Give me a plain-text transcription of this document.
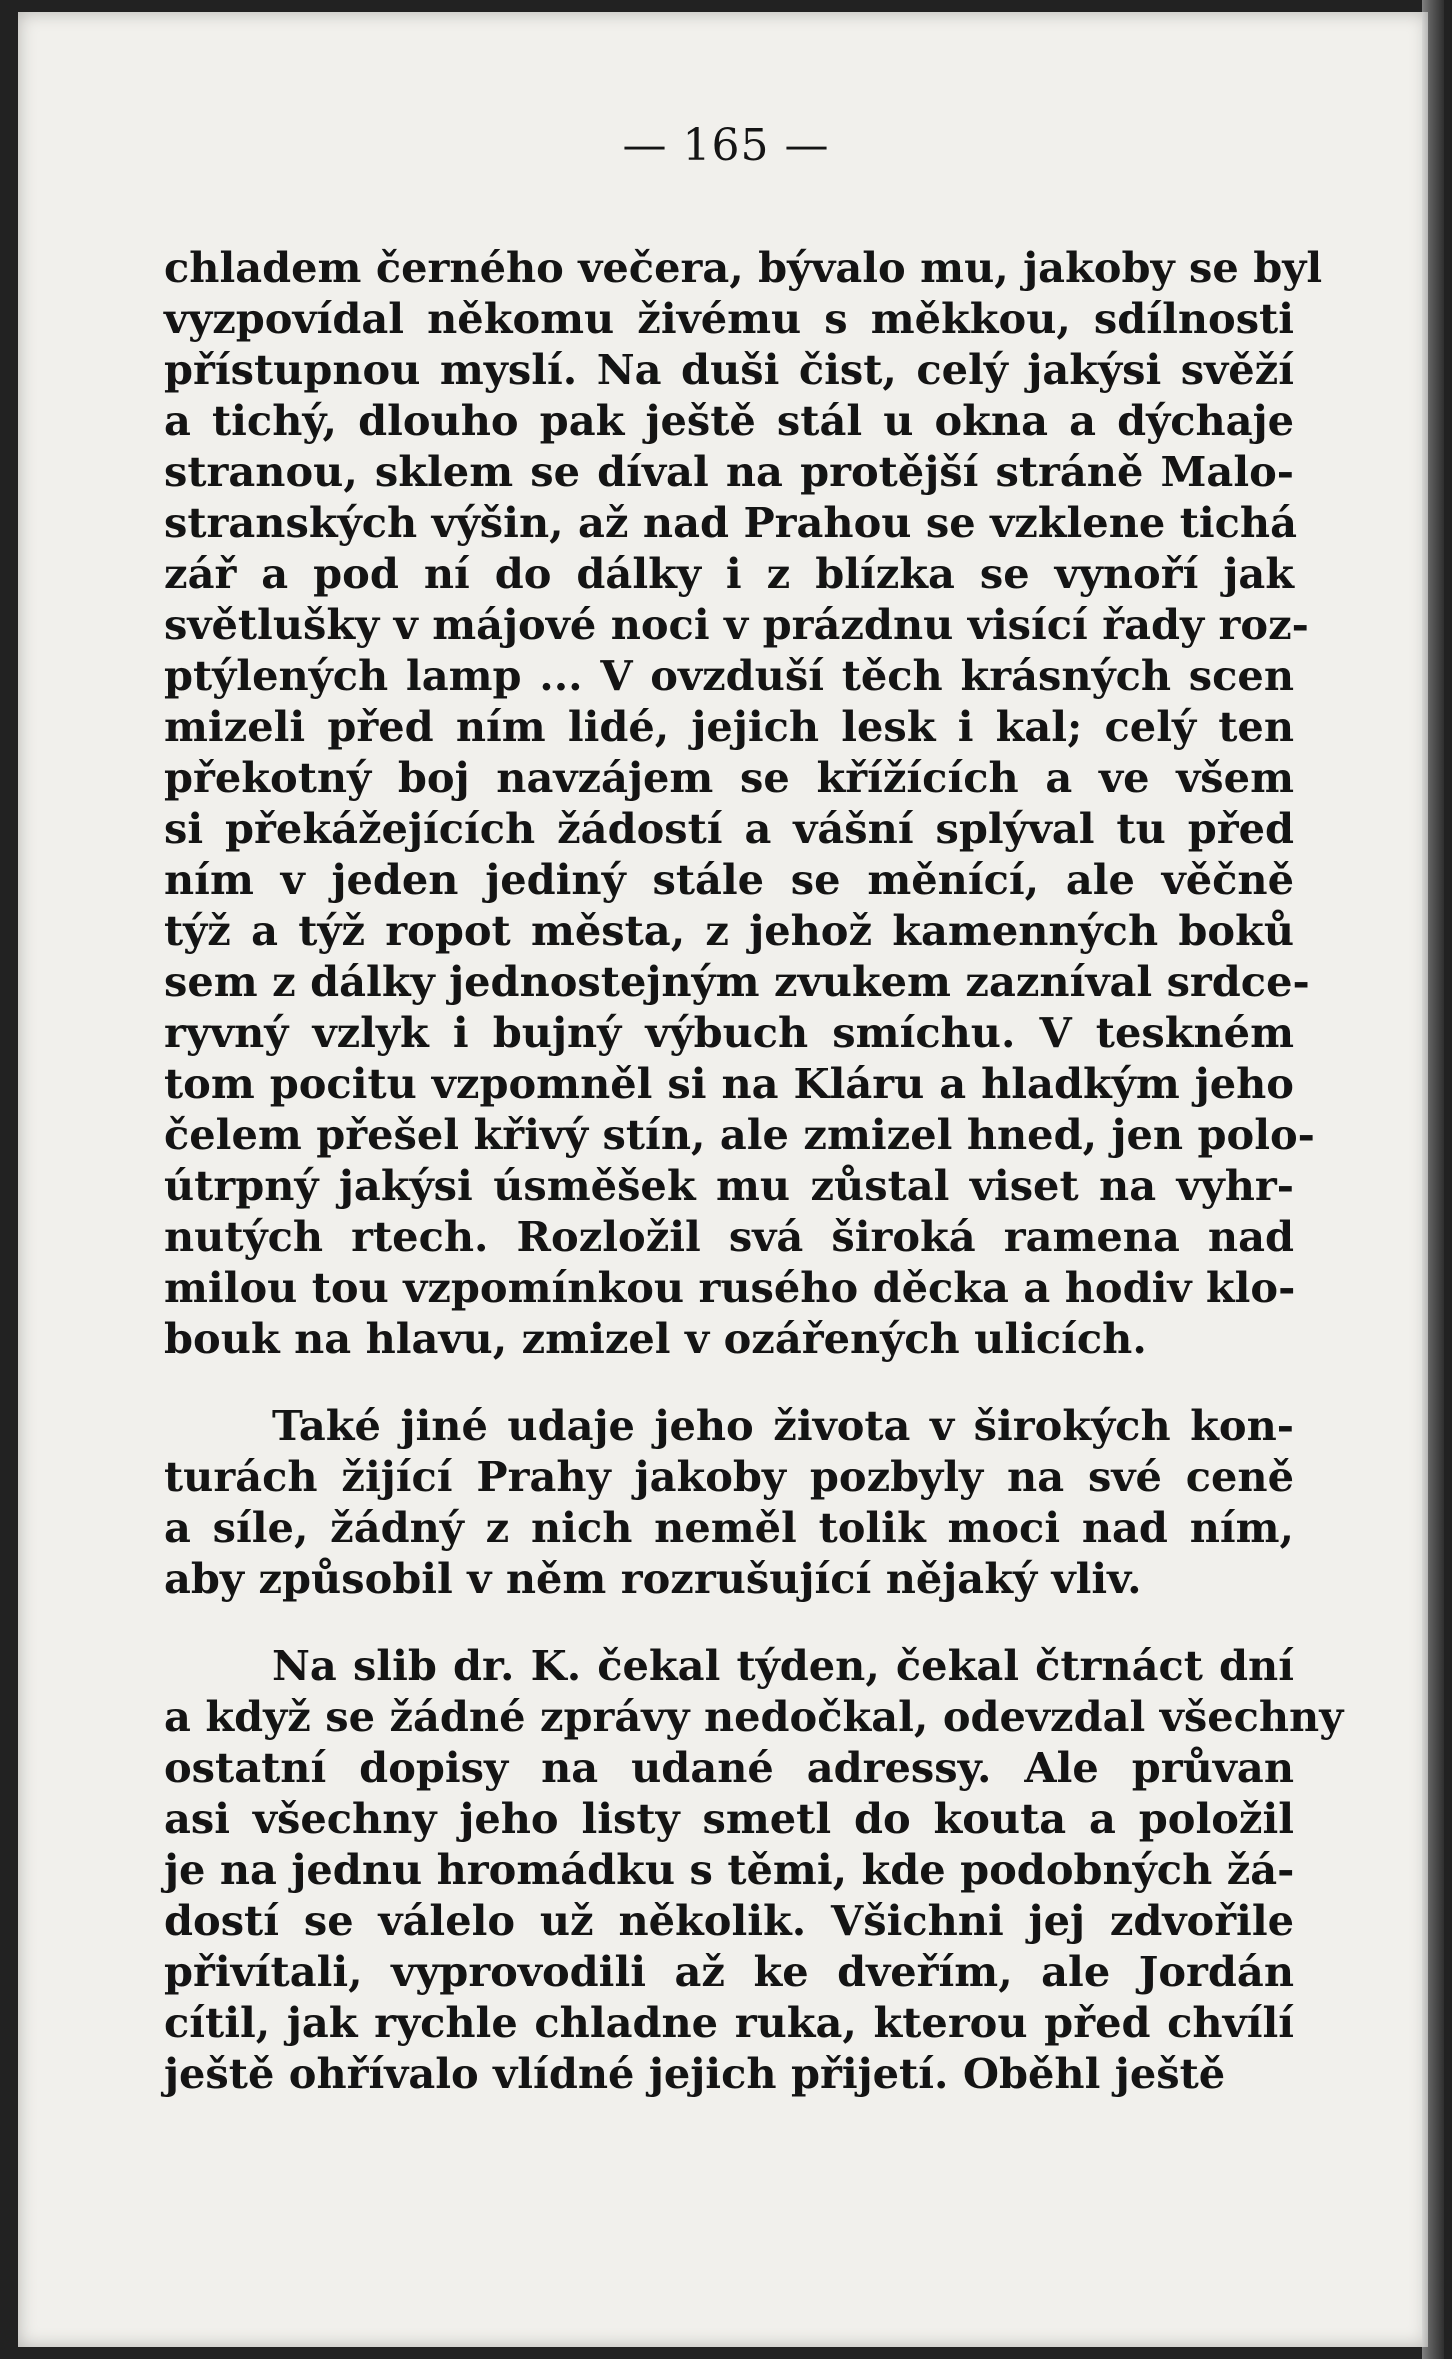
— 165 —
chladem černého večera, bývalo mu, jakoby se byl
vyzpovídal někomu živému s měkkou, sdílnosti
přístupnou myslí. Na duši čist, celý jakýsi svěží
a tichý, dlouho pak ještě stál u okna a dýchaje
stranou, sklem se díval na protější stráně Malo-
stranských výšin, až nad Prahou se vzklene tichá
zář a pod ní do dálky i z blízka se vynoří jak
světlušky v májové noci v prázdnu visící řady roz-
ptýlených lamp ... V ovzduší těch krásných scen
mizeli před ním lidé, jejich lesk i kal; celý ten
překotný boj navzájem se křížících a ve všem
si překážejících žádostí a vášní splýval tu před
ním v jeden jediný stále se měnící, ale věčně
týž a týž ropot města, z jehož kamenných boků
sem z dálky jednostejným zvukem zazníval srdce-
ryvný vzlyk i bujný výbuch smíchu. V teskném
tom pocitu vzpomněl si na Kláru a hladkým jeho
čelem přešel křivý stín, ale zmizel hned, jen polo-
útrpný jakýsi úsměšek mu zůstal viset na vyhr-
nutých rtech. Rozložil svá široká ramena nad
milou tou vzpomínkou rusého děcka a hodiv klo-
bouk na hlavu, zmizel v ozářených ulicích.
Také jiné udaje jeho života v širokých kon-
turách žijící Prahy jakoby pozbyly na své ceně
a síle, žádný z nich neměl tolik moci nad ním,
aby způsobil v něm rozrušující nějaký vliv.
Na slib dr. K. čekal týden, čekal čtrnáct dní
a když se žádné zprávy nedočkal, odevzdal všechny
ostatní dopisy na udané adressy. Ale průvan
asi všechny jeho listy smetl do kouta a položil
je na jednu hromádku s těmi, kde podobných žá-
dostí se válelo už několik. Všichni jej zdvořile
přivítali, vyprovodili až ke dveřím, ale Jordán
cítil, jak rychle chladne ruka, kterou před chvílí
ještě ohřívalo vlídné jejich přijetí. Oběhl ještě
